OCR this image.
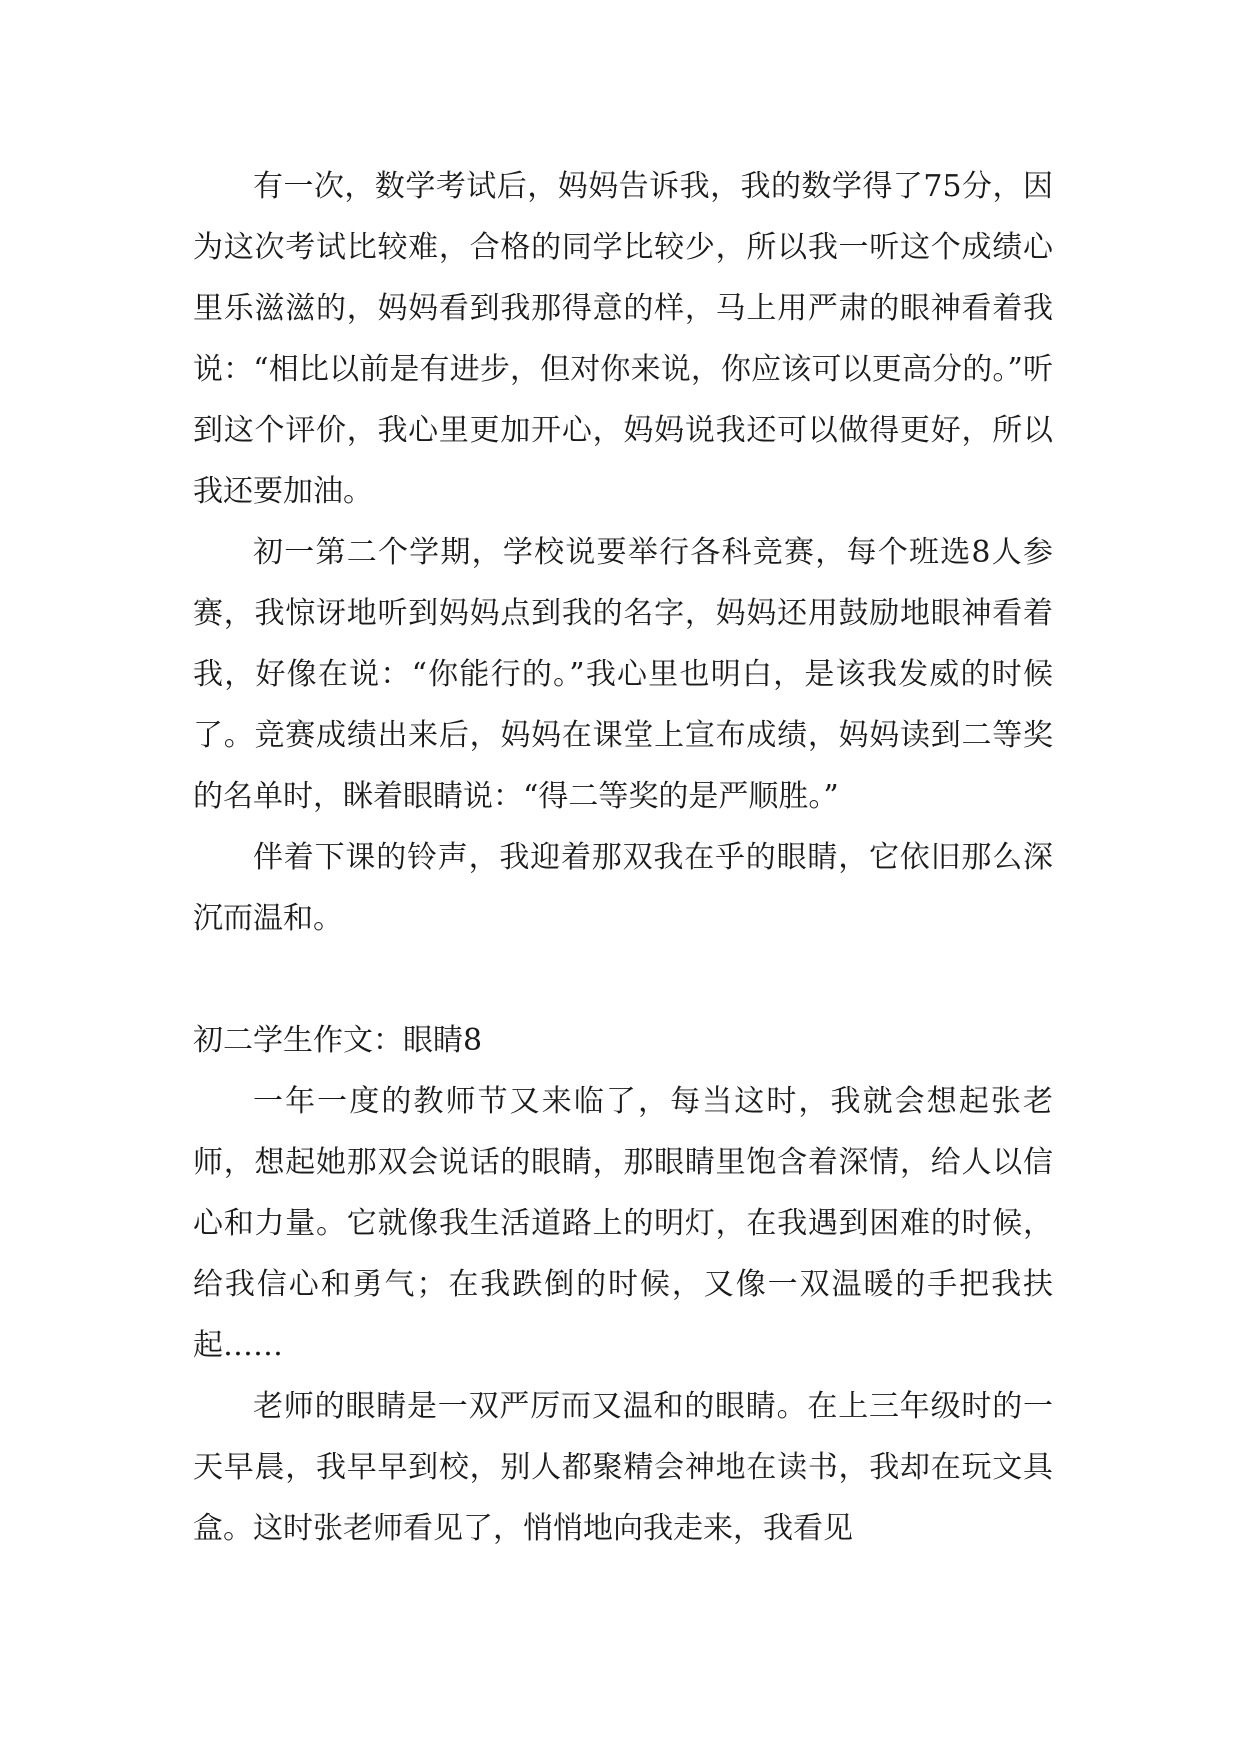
有一次，数学考试后，妈妈告诉我，我的数学得了75分，因为这次考试比较难，合格的同学比较少，所以我一听这个成绩心里乐滋滋的，妈妈看到我那得意的样，马上用严肃的眼神看着我说：“相比以前是有进步，但对你来说，你应该可以更高分的。”听到这个评价，我心里更加开心，妈妈说我还可以做得更好，所以我还要加油。

初一第二个学期，学校说要举行各科竞赛，每个班选8人参赛，我惊讶地听到妈妈点到我的名字，妈妈还用鼓励地眼神看着我，好像在说：“你能行的。”我心里也明白，是该我发威的时候了。竞赛成绩出来后，妈妈在课堂上宣布成绩，妈妈读到二等奖的名单时，眯着眼睛说：“得二等奖的是严顺胜。”

伴着下课的铃声，我迎着那双我在乎的眼睛，它依旧那么深沉而温和。

初二学生作文：眼睛8

一年一度的教师节又来临了，每当这时，我就会想起张老师，想起她那双会说话的眼睛，那眼睛里饱含着深情，给人以信心和力量。它就像我生活道路上的明灯，在我遇到困难的时候，给我信心和勇气；在我跌倒的时候，又像一双温暖的手把我扶起……

老师的眼睛是一双严厉而又温和的眼睛。在上三年级时的一天早晨，我早早到校，别人都聚精会神地在读书，我却在玩文具盒。这时张老师看见了，悄悄地向我走来，我看见
